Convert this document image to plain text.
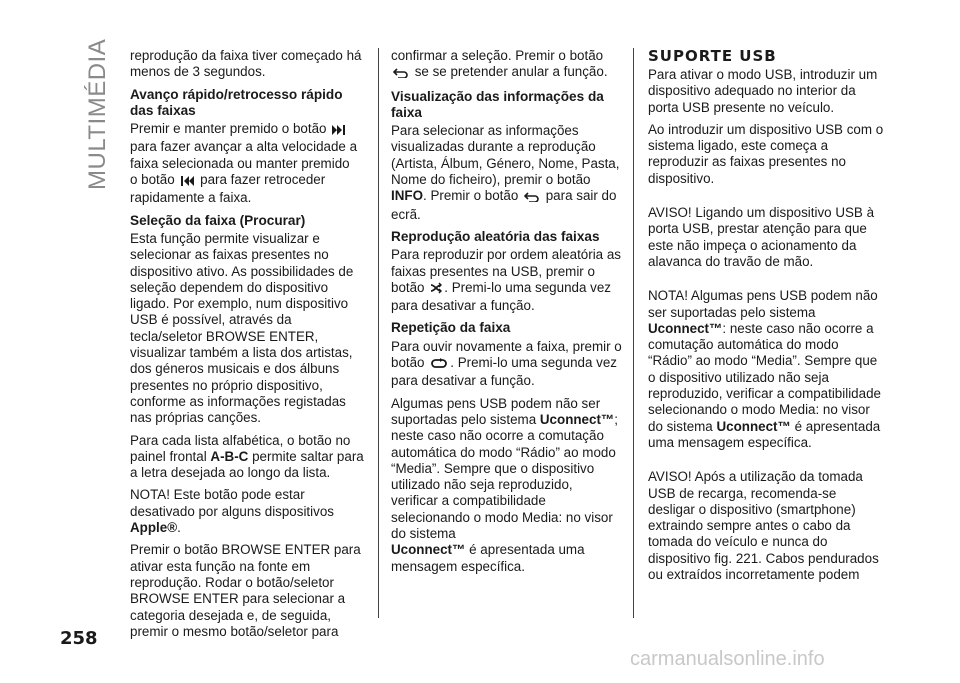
MULTIMÉDIA reprodução da faixa tiver começado há menos de 3 segundos.

Avanço rápido/retrocesso rápido das faixas

Premir e manter premido o botão  para fazer avançar a alta velocidade a faixa selecionada ou manter premido
o botão para fazer retroceder rapidamente a faixa.

Seleção da faixa (Procurar)

Esta função permite visualizar e selecionar as faixas presentes no dispositivo ativo. As possibilidades de seleção dependem do dispositivo ligado. Por exemplo, num dispositivo USB é possível, através da tecla/seletor BROWSE ENTER, visualizar também a lista dos artistas, dos géneros musicais e dos álbuns presentes no próprio dispositivo, conforme as informações registadas nas próprias canções.

Para cada lista alfabética, o botão no painel frontal A-B-C permite saltar para a letra desejada ao longo da lista.

NOTA! Este botão pode estar desativado por alguns dispositivos
Apple®.

Premir o botão BROWSE ENTER para ativar esta função na fonte em reprodução. Rodar o botão/seletor BROWSE ENTER para selecionar a categoria desejada e, de seguida, premir o mesmo botão/seletor para

confirmar a seleção. Premir o botão  se se pretender anular a função.

Visualização das informações da faixa

Para selecionar as informações visualizadas durante a reprodução (Artista, Álbum, Género, Nome, Pasta, Nome do ficheiro), premir o botão INFO. Premir o botão para sair do ecrã.

Reprodução aleatória das faixas

Para reproduzir por ordem aleatória as faixas presentes na USB, premir o botão . Premi-lo uma segunda vez para desativar a função.

Repetição da faixa

Para ouvir novamente a faixa, premir o botão . Premi-lo uma segunda vez para desativar a função.

Algumas pens USB podem não ser suportadas pelo sistema Uconnect™; neste caso não ocorre a comutação automática do modo “Rádio” ao modo “Media”. Sempre que o dispositivo utilizado não seja reproduzido, verificar a compatibilidade selecionando o modo Media: no visor do sistema
Uconnect™ é apresentada uma mensagem específica.

SUPORTE USB

Para ativar o modo USB, introduzir um dispositivo adequado no interior da porta USB presente no veículo.

Ao introduzir um dispositivo USB com o sistema ligado, este começa a reproduzir as faixas presentes no dispositivo.

AVISO! Ligando um dispositivo USB à porta USB, prestar atenção para que este não impeça o acionamento da alavanca do travão de mão.

NOTA! Algumas pens USB podem não ser suportadas pelo sistema
Uconnect™: neste caso não ocorre a comutação automática do modo “Rádio” ao modo “Media”. Sempre que o dispositivo utilizado não seja reproduzido, verificar a compatibilidade selecionando o modo Media: no visor do sistema Uconnect™ é apresentada uma mensagem específica.

AVISO! Após a utilização da tomada USB de recarga, recomenda-se desligar o dispositivo (smartphone) extraindo sempre antes o cabo da tomada do veículo e nunca do dispositivo fig. 221. Cabos pendurados ou extraídos incorretamente podem

258
carmanualsonline.info
